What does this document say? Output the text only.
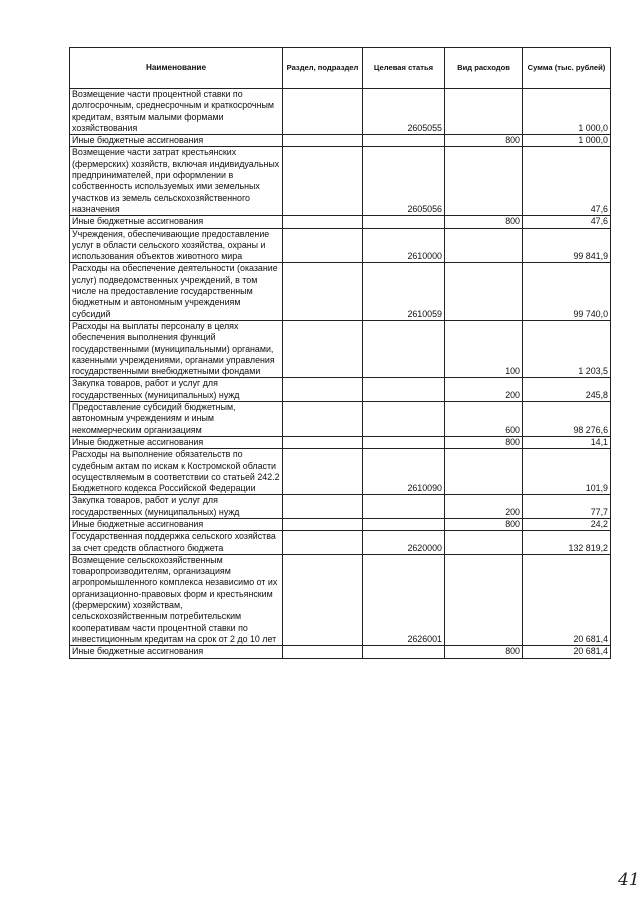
Наименование	Раздел, подраздел	Целевая статья	Вид расходов	Сумма (тыс. рублей)
Возмещение части процентной ставки по долгосрочным, среднесрочным и краткосрочным кредитам, взятым малыми формами хозяйствования		2605055		1 000,0
Иные бюджетные ассигнования			800	1 000,0
Возмещение части затрат крестьянских (фермерских) хозяйств, включая индивидуальных предпринимателей, при оформлении в собственность используемых ими земельных участков из земель сельскохозяйственного назначения		2605056		47,6
Иные бюджетные ассигнования			800	47,6
Учреждения, обеспечивающие предоставление услуг в области сельского хозяйства, охраны и использования объектов животного мира		2610000		99 841,9
Расходы на обеспечение деятельности (оказание услуг) подведомственных учреждений, в том числе на предоставление государственным бюджетным и автономным учреждениям субсидий		2610059		99 740,0
Расходы на выплаты персоналу в целях обеспечения выполнения функций государственными (муниципальными) органами, казенными учреждениями, органами управления государственными внебюджетными фондами			100	1 203,5
Закупка товаров, работ и услуг для государственных (муниципальных) нужд			200	245,8
Предоставление субсидий бюджетным, автономным учреждениям и иным некоммерческим организациям			600	98 276,6
Иные бюджетные ассигнования			800	14,1
Расходы на выполнение обязательств по судебным актам по искам к Костромской области осуществляемым в соответствии со статьей 242.2 Бюджетного кодекса Российской Федерации		2610090		101,9
Закупка товаров, работ и услуг для государственных (муниципальных) нужд			200	77,7
Иные бюджетные ассигнования			800	24,2
Государственная поддержка сельского хозяйства за счет средств областного бюджета		2620000		132 819,2
Возмещение сельскохозяйственным товаропроизводителям, организациям агропромышленного комплекса независимо от их организационно-правовых форм и крестьянским (фермерским) хозяйствам, сельскохозяйственным потребительским кооперативам части процентной ставки по инвестиционным кредитам на срок от 2 до 10 лет		2626001		20 681,4
Иные бюджетные ассигнования			800	20 681,4
41
